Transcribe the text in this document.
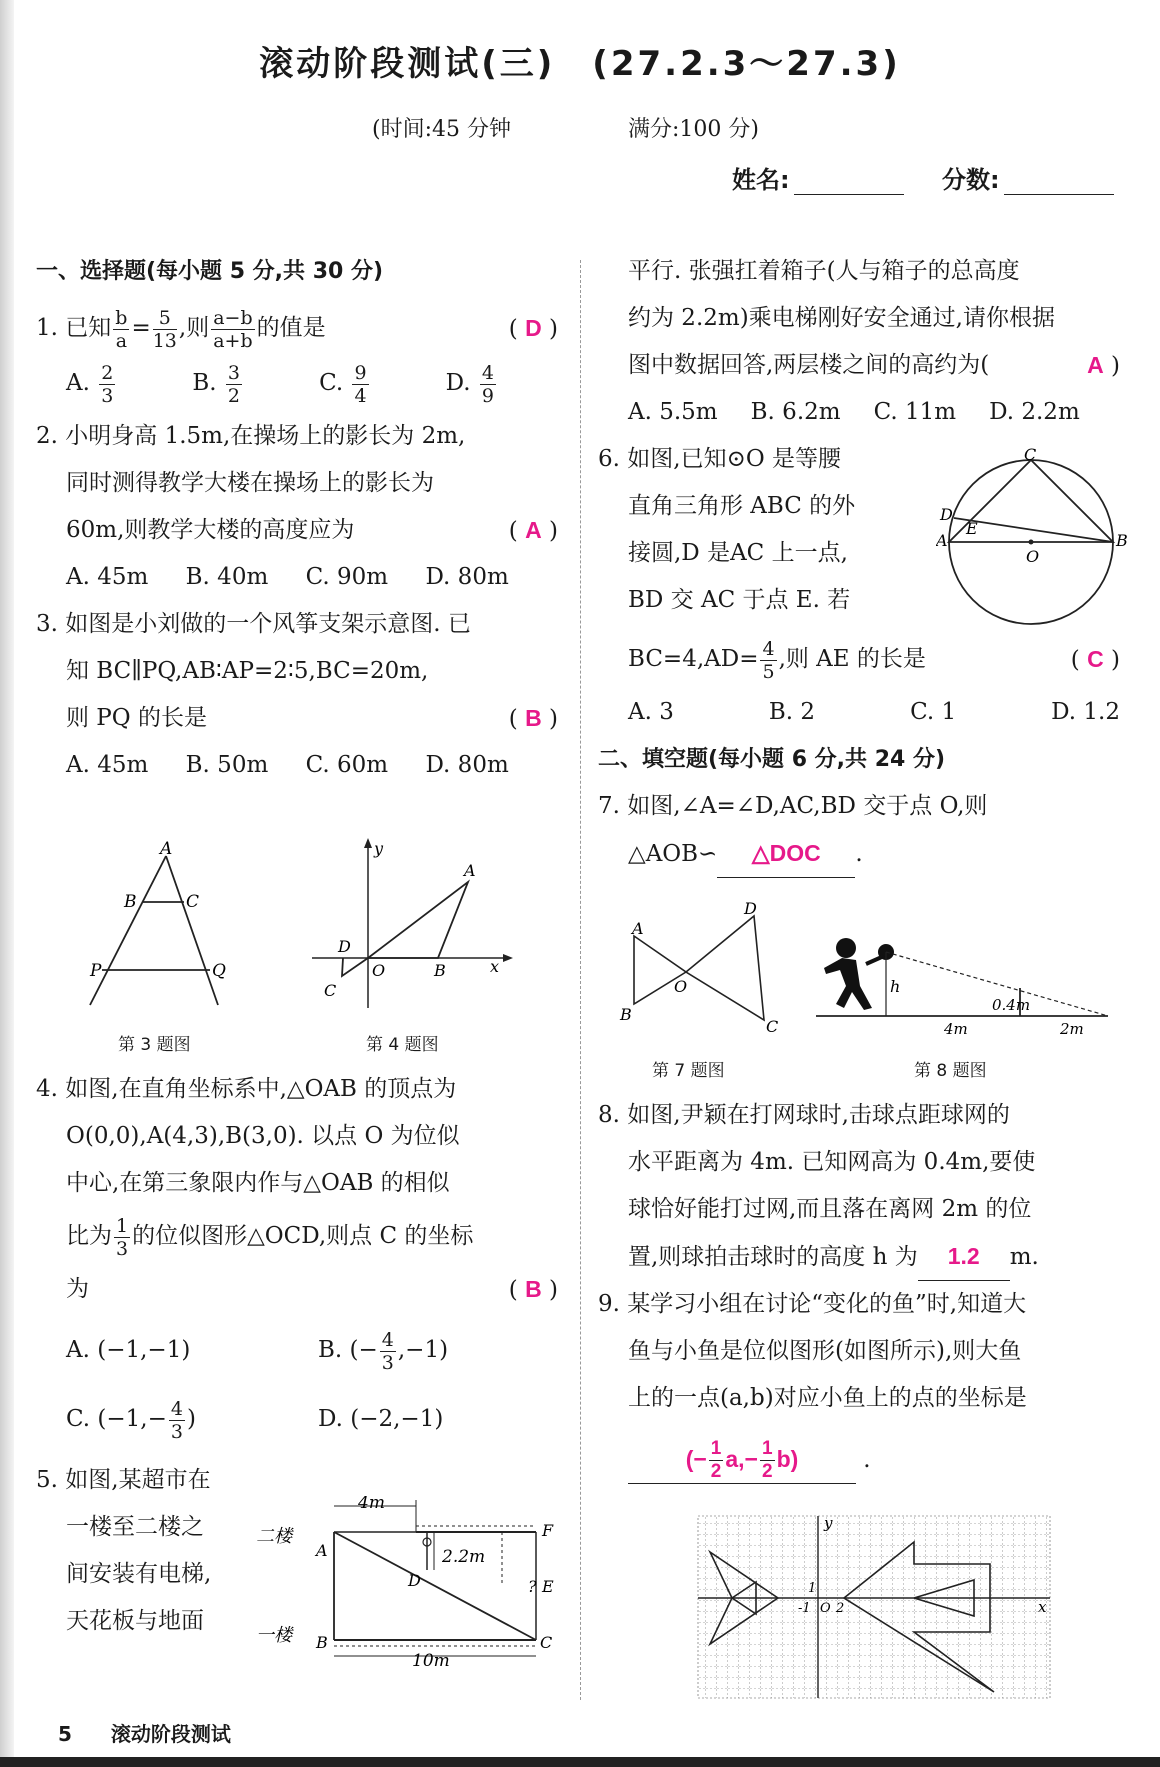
滚动阶段测试(三)　(27.2.3～27.3)
(时间:45 分钟	满分:100 分)
姓名:	分数:

一、选择题(每小题 5 分,共 30 分)

1. 已知 $\frac{b}{a} = \frac{5}{13}$ ,则 $\frac{a-b}{a+b}$ 的值是	( D )

A. $\frac{2}{3}$	B. $\frac{3}{2}$	C. $\frac{9}{4}$	D. $\frac{4}{9}$

2. 小明身高 1.5m,在操场上的影长为 2m,

同时测得教学大楼在操场上的影长为

60m,则教学大楼的高度应为	( A )

A. 45m B. 40m C. 90m D. 80m

3. 如图是小刘做的一个风筝支架示意图. 已

知 BC∥PQ,AB∶AP=2∶5,BC=20m,

则 PQ 的长是	( B )

A. 45m B. 50m C. 60m D. 80m

A
B	C
P	Q
第 3 题图
y
x
A
D
O	B
C
第 4 题图

4. 如图,在直角坐标系中,△OAB 的顶点为

O(0,0),A(4,3),B(3,0). 以点 O 为位似

中心,在第三象限内作与△OAB 的相似

比为 $\frac{1}{3}$ 的位似图形△OCD,则点 C 的坐标

为	( B )

A. (−1,−1)	B. (− $\frac{4}{3} ,-1$)

C. ($-1,- \frac{4}{3}$ )	D. (−2,−1)

5. 如图,某超市在

一楼至二楼之

间安装有电梯,

天花板与地面

二楼
一楼
4m
2.2m
10m
A
B	C
D	E
F
?

平行. 张强扛着箱子(人与箱子的总高度

约为 2.2m)乘电梯刚好安全通过,请你根据

图中数据回答,两层楼之间的高约为(	A )

A. 5.5m B. 6.2m C. 11m D. 2.2m

6. 如图,已知⊙O 是等腰

直角三角形 ABC 的外

接圆,D 是AC 上一点,

BD 交 AC 于点 E. 若

$BC=4,AD= \frac{4}{5}$ ,则 AE 的长是	( C )

A. 3	B. 2	C. 1	D. 1.2

二、填空题(每小题 6 分,共 24 分)

7. 如图,∠A=∠D,AC,BD 交于点 O,则

△AOB∽ △DOC .

C
A
D
E
O
B
A
B
C
D
O
第 7 题图
h
0.4m
4m	2m
第 8 题图

8. 如图,尹颖在打网球时,击球点距球网的

水平距离为 4m. 已知网高为 0.4m,要使

球恰好能打过网,而且落在离网 2m 的位

置,则球拍击球时的高度 h 为 1.2 m.

9. 某学习小组在讨论“变化的鱼”时,知道大

鱼与小鱼是位似图形(如图所示),则大鱼

上的一点(a,b)对应小鱼上的点的坐标是

(− $\frac{1}{2} a,- \frac{1}{2} b$)	.

y
x
O
1
-1 2
5 滚动阶段测试
